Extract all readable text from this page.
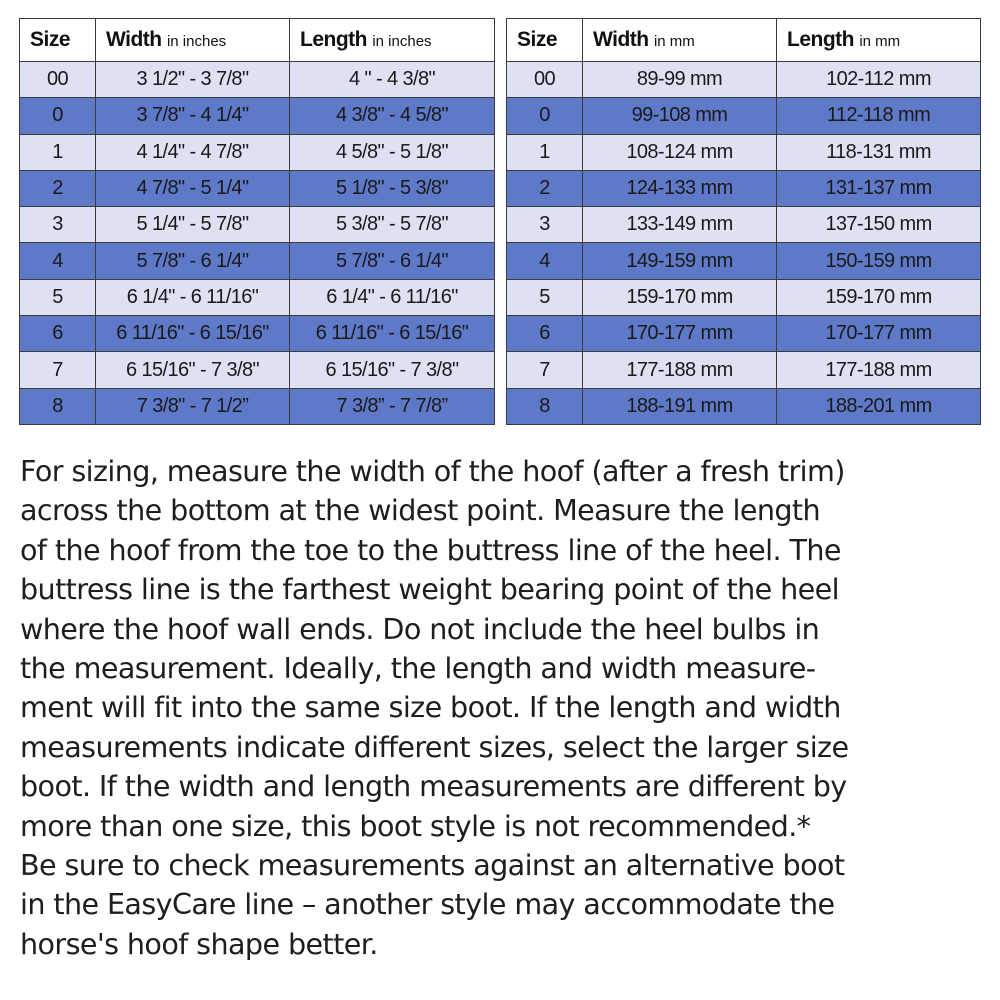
Size	Width in inches	Length in inches
00	3 1/2" - 3 7/8"	4 " - 4 3/8"
0	3 7/8" - 4 1/4"	4 3/8" - 4 5/8"
1	4 1/4" - 4 7/8"	4 5/8" - 5 1/8"
2	4 7/8" - 5 1/4"	5 1/8" - 5 3/8"
3	5 1/4" - 5 7/8"	5 3/8" - 5 7/8"
4	5 7/8" - 6 1/4"	5 7/8" - 6 1/4"
5	6 1/4" - 6 11/16"	6 1/4" - 6 11/16"
6	6 11/16" - 6 15/16"	6 11/16" - 6 15/16"
7	6 15/16" - 7 3/8"	6 15/16" - 7 3/8"
8	7 3/8" - 7 1/2”	7 3/8” - 7 7/8”
Size	Width in mm	Length in mm
00	89-99 mm	102-112 mm
0	99-108 mm	112-118 mm
1	108-124 mm	118-131 mm
2	124-133 mm	131-137 mm
3	133-149 mm	137-150 mm
4	149-159 mm	150-159 mm
5	159-170 mm	159-170 mm
6	170-177 mm	170-177 mm
7	177-188 mm	177-188 mm
8	188-191 mm	188-201 mm

For sizing, measure the width of the hoof (after a fresh trim)
across the bottom at the widest point. Measure the length
of the hoof from the toe to the buttress line of the heel. The
buttress line is the farthest weight bearing point of the heel
where the hoof wall ends. Do not include the heel bulbs in
the measurement. Ideally, the length and width measure-
ment will fit into the same size boot. If the length and width
measurements indicate different sizes, select the larger size
boot. If the width and length measurements are different by
more than one size, this boot style is not recommended.*
Be sure to check measurements against an alternative boot
in the EasyCare line – another style may accommodate the
horse's hoof shape better.
